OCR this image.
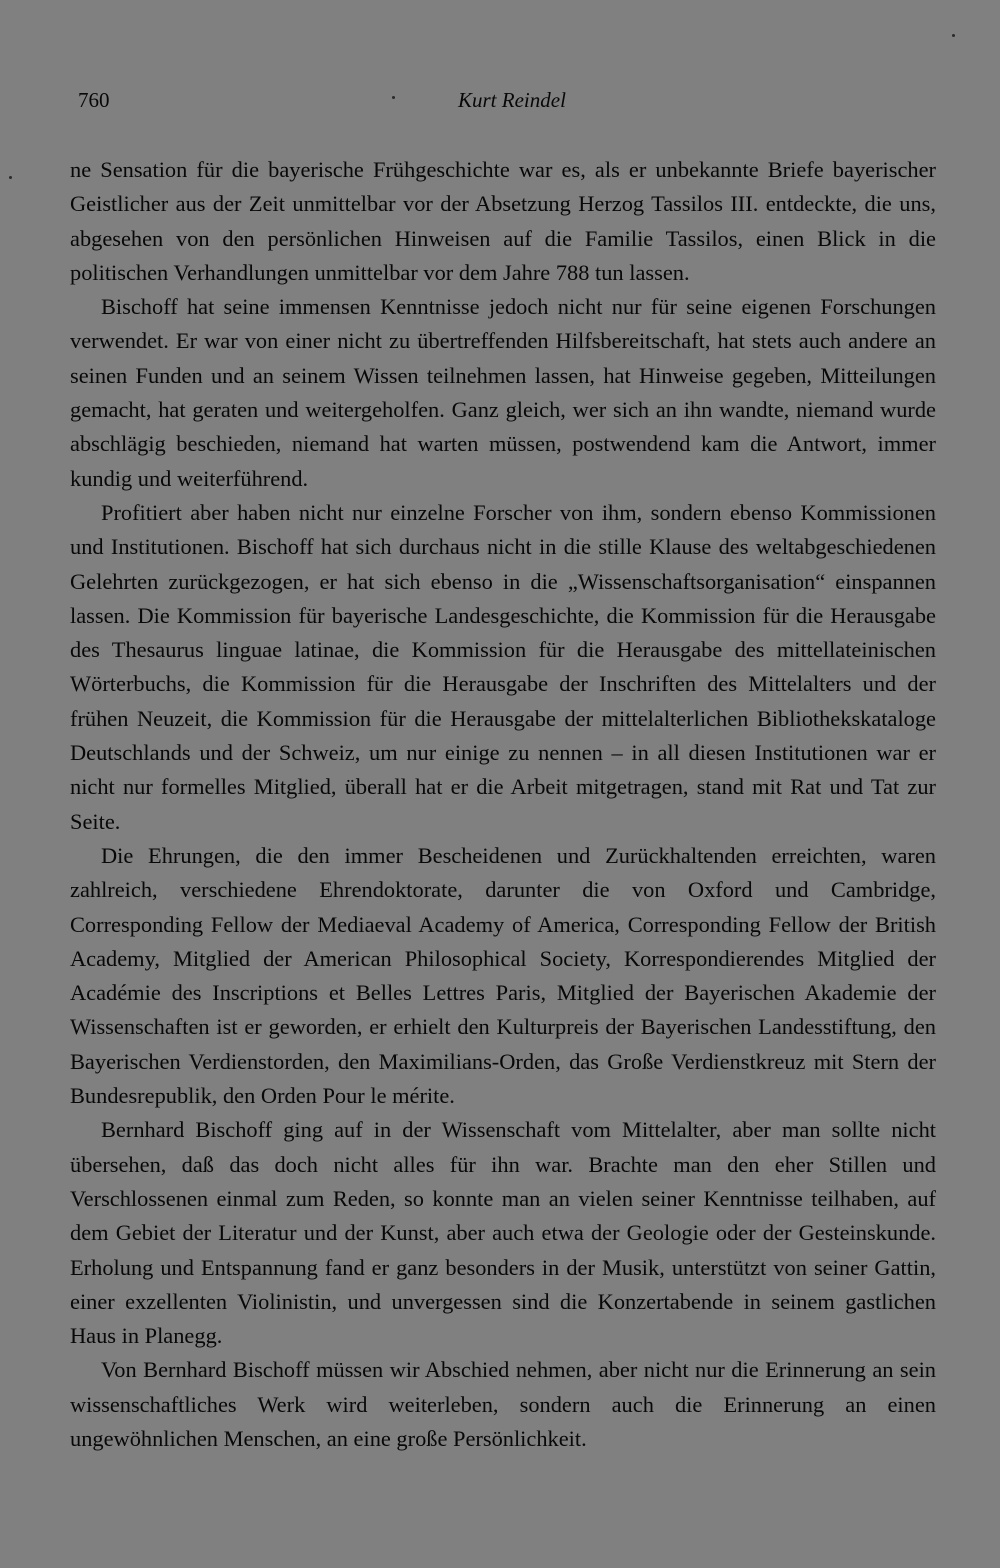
760	Kurt Reindel

ne Sensation für die bayerische Frühgeschichte war es, als er unbekannte Briefe bayerischer Geistlicher aus der Zeit unmittelbar vor der Absetzung Herzog Tassilos III. entdeckte, die uns, abgesehen von den persönlichen Hinweisen auf die Familie Tassilos, einen Blick in die politischen Verhandlungen unmittelbar vor dem Jahre 788 tun lassen.

Bischoff hat seine immensen Kenntnisse jedoch nicht nur für seine eigenen Forschungen verwendet. Er war von einer nicht zu übertreffenden Hilfsbereitschaft, hat stets auch andere an seinen Funden und an seinem Wissen teilnehmen lassen, hat Hinweise gegeben, Mitteilungen gemacht, hat geraten und weitergeholfen. Ganz gleich, wer sich an ihn wandte, niemand wurde abschlägig beschieden, niemand hat warten müssen, postwendend kam die Antwort, immer kundig und weiterführend.

Profitiert aber haben nicht nur einzelne Forscher von ihm, sondern ebenso Kommissionen und Institutionen. Bischoff hat sich durchaus nicht in die stille Klause des weltabgeschiedenen Gelehrten zurückgezogen, er hat sich ebenso in die „Wissenschaftsorganisation“ einspannen lassen. Die Kommission für bayerische Landesgeschichte, die Kommission für die Herausgabe des Thesaurus linguae latinae, die Kommission für die Herausgabe des mittellateinischen Wörterbuchs, die Kommission für die Herausgabe der Inschriften des Mittelalters und der frühen Neuzeit, die Kommission für die Herausgabe der mittelalterlichen Bibliothekskataloge Deutschlands und der Schweiz, um nur einige zu nennen – in all diesen Institutionen war er nicht nur formelles Mitglied, überall hat er die Arbeit mitgetragen, stand mit Rat und Tat zur Seite.

Die Ehrungen, die den immer Bescheidenen und Zurückhaltenden erreichten, waren zahlreich, verschiedene Ehrendoktorate, darunter die von Oxford und Cambridge, Corresponding Fellow der Mediaeval Academy of America, Corresponding Fellow der British Academy, Mitglied der American Philosophical Society, Korrespondierendes Mitglied der Académie des Inscriptions et Belles Lettres Paris, Mitglied der Bayerischen Akademie der Wissenschaften ist er geworden, er erhielt den Kulturpreis der Bayerischen Landesstiftung, den Bayerischen Verdienstorden, den Maximilians-Orden, das Große Verdienstkreuz mit Stern der Bundesrepublik, den Orden Pour le mérite.

Bernhard Bischoff ging auf in der Wissenschaft vom Mittelalter, aber man sollte nicht übersehen, daß das doch nicht alles für ihn war. Brachte man den eher Stillen und Verschlossenen einmal zum Reden, so konnte man an vielen seiner Kenntnisse teilhaben, auf dem Gebiet der Literatur und der Kunst, aber auch etwa der Geologie oder der Gesteinskunde. Erholung und Entspannung fand er ganz besonders in der Musik, unterstützt von seiner Gattin, einer exzellenten Violinistin, und unvergessen sind die Konzertabende in seinem gastlichen Haus in Planegg.

Von Bernhard Bischoff müssen wir Abschied nehmen, aber nicht nur die Erinnerung an sein wissenschaftliches Werk wird weiterleben, sondern auch die Erinnerung an einen ungewöhnlichen Menschen, an eine große Persönlichkeit.
